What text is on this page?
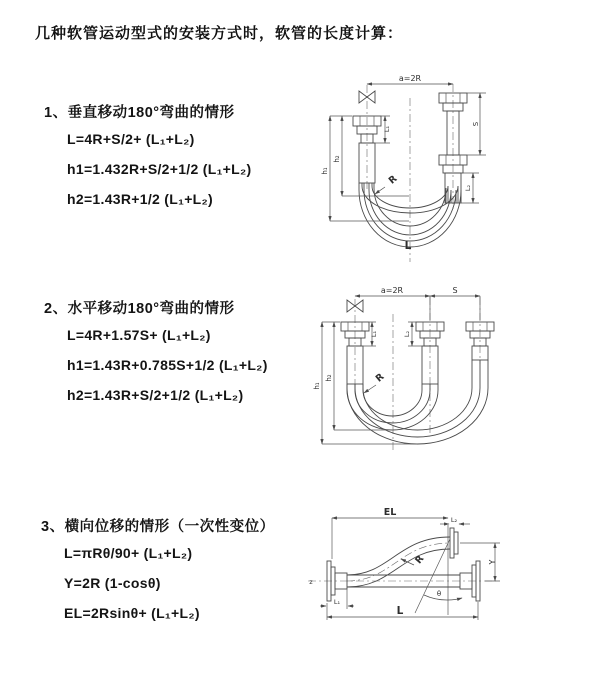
几种软管运动型式的安装方式时，软管的长度计算：
1、垂直移动180°弯曲的情形
L=4R+S/2+ (L₁+L₂)
h1=1.432R+S/2+1/2 (L₁+L₂)
h2=1.43R+1/2 (L₁+L₂)
2、水平移动180°弯曲的情形
L=4R+1.57S+ (L₁+L₂)
h1=1.43R+0.785S+1/2 (L₁+L₂)
h2=1.43R+S/2+1/2 (L₁+L₂)
3、横向位移的情形（一次性变位）
L=πRθ/90+ (L₁+L₂)
Y=2R (1-cosθ)
EL=2Rsinθ+ (L₁+L₂)
a=2R
S
L₁
L₂
h₁
h₂
R
L
a=2R	S
h₁
h₂
L₁	L₂
R
EL
L₂
Y
L
L₁
R
θ
z
